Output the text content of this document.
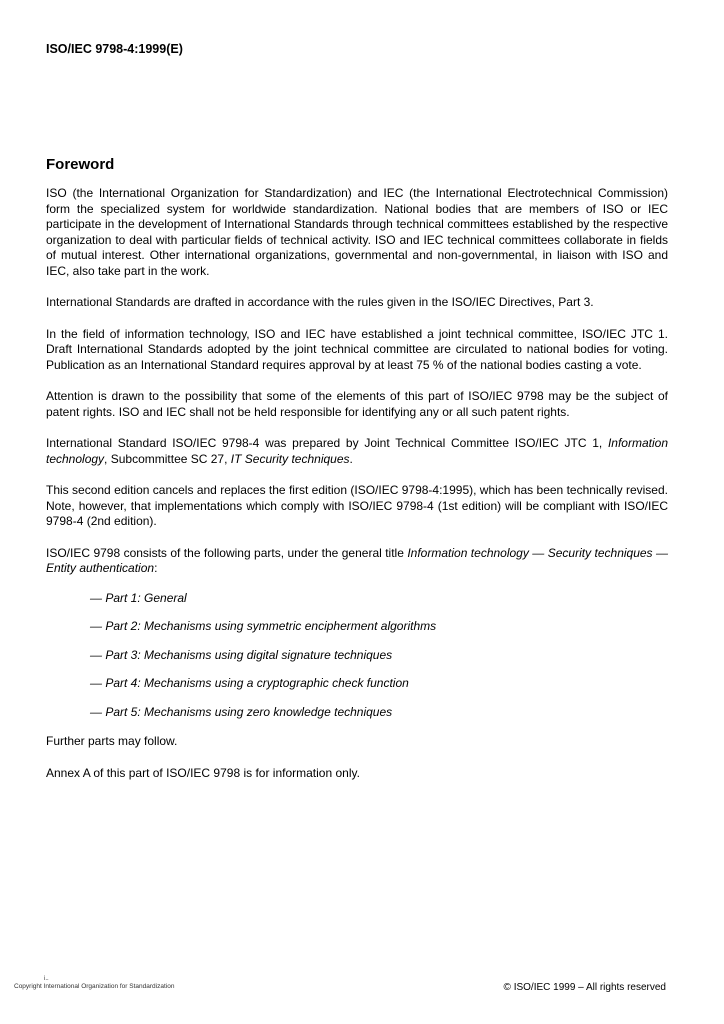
ISO/IEC 9798-4:1999(E)
Foreword

ISO (the International Organization for Standardization) and IEC (the International Electrotechnical Commission) form the specialized system for worldwide standardization. National bodies that are members of ISO or IEC participate in the development of International Standards through technical committees established by the respective organization to deal with particular fields of technical activity. ISO and IEC technical committees collaborate in fields of mutual interest. Other international organizations, governmental and non-governmental, in liaison with ISO and IEC, also take part in the work.

International Standards are drafted in accordance with the rules given in the ISO/IEC Directives, Part 3.

In the field of information technology, ISO and IEC have established a joint technical committee, ISO/IEC JTC 1. Draft International Standards adopted by the joint technical committee are circulated to national bodies for voting. Publication as an International Standard requires approval by at least 75 % of the national bodies casting a vote.

Attention is drawn to the possibility that some of the elements of this part of ISO/IEC 9798 may be the subject of patent rights. ISO and IEC shall not be held responsible for identifying any or all such patent rights.

International Standard ISO/IEC 9798-4 was prepared by Joint Technical Committee ISO/IEC JTC 1, Information technology, Subcommittee SC 27, IT Security techniques.

This second edition cancels and replaces the first edition (ISO/IEC 9798-4:1995), which has been technically revised. Note, however, that implementations which comply with ISO/IEC 9798-4 (1st edition) will be compliant with ISO/IEC 9798-4 (2nd edition).

ISO/IEC 9798 consists of the following parts, under the general title Information technology — Security techniques — Entity authentication:

— Part 1: General
— Part 2: Mechanisms using symmetric encipherment algorithms
— Part 3: Mechanisms using digital signature techniques
— Part 4: Mechanisms using a cryptographic check function
— Part 5: Mechanisms using zero knowledge techniques

Further parts may follow.

Annex A of this part of ISO/IEC 9798 is for information only.

i..
Copyright International Organization for Standardization	© ISO/IEC 1999 – All rights reserved
